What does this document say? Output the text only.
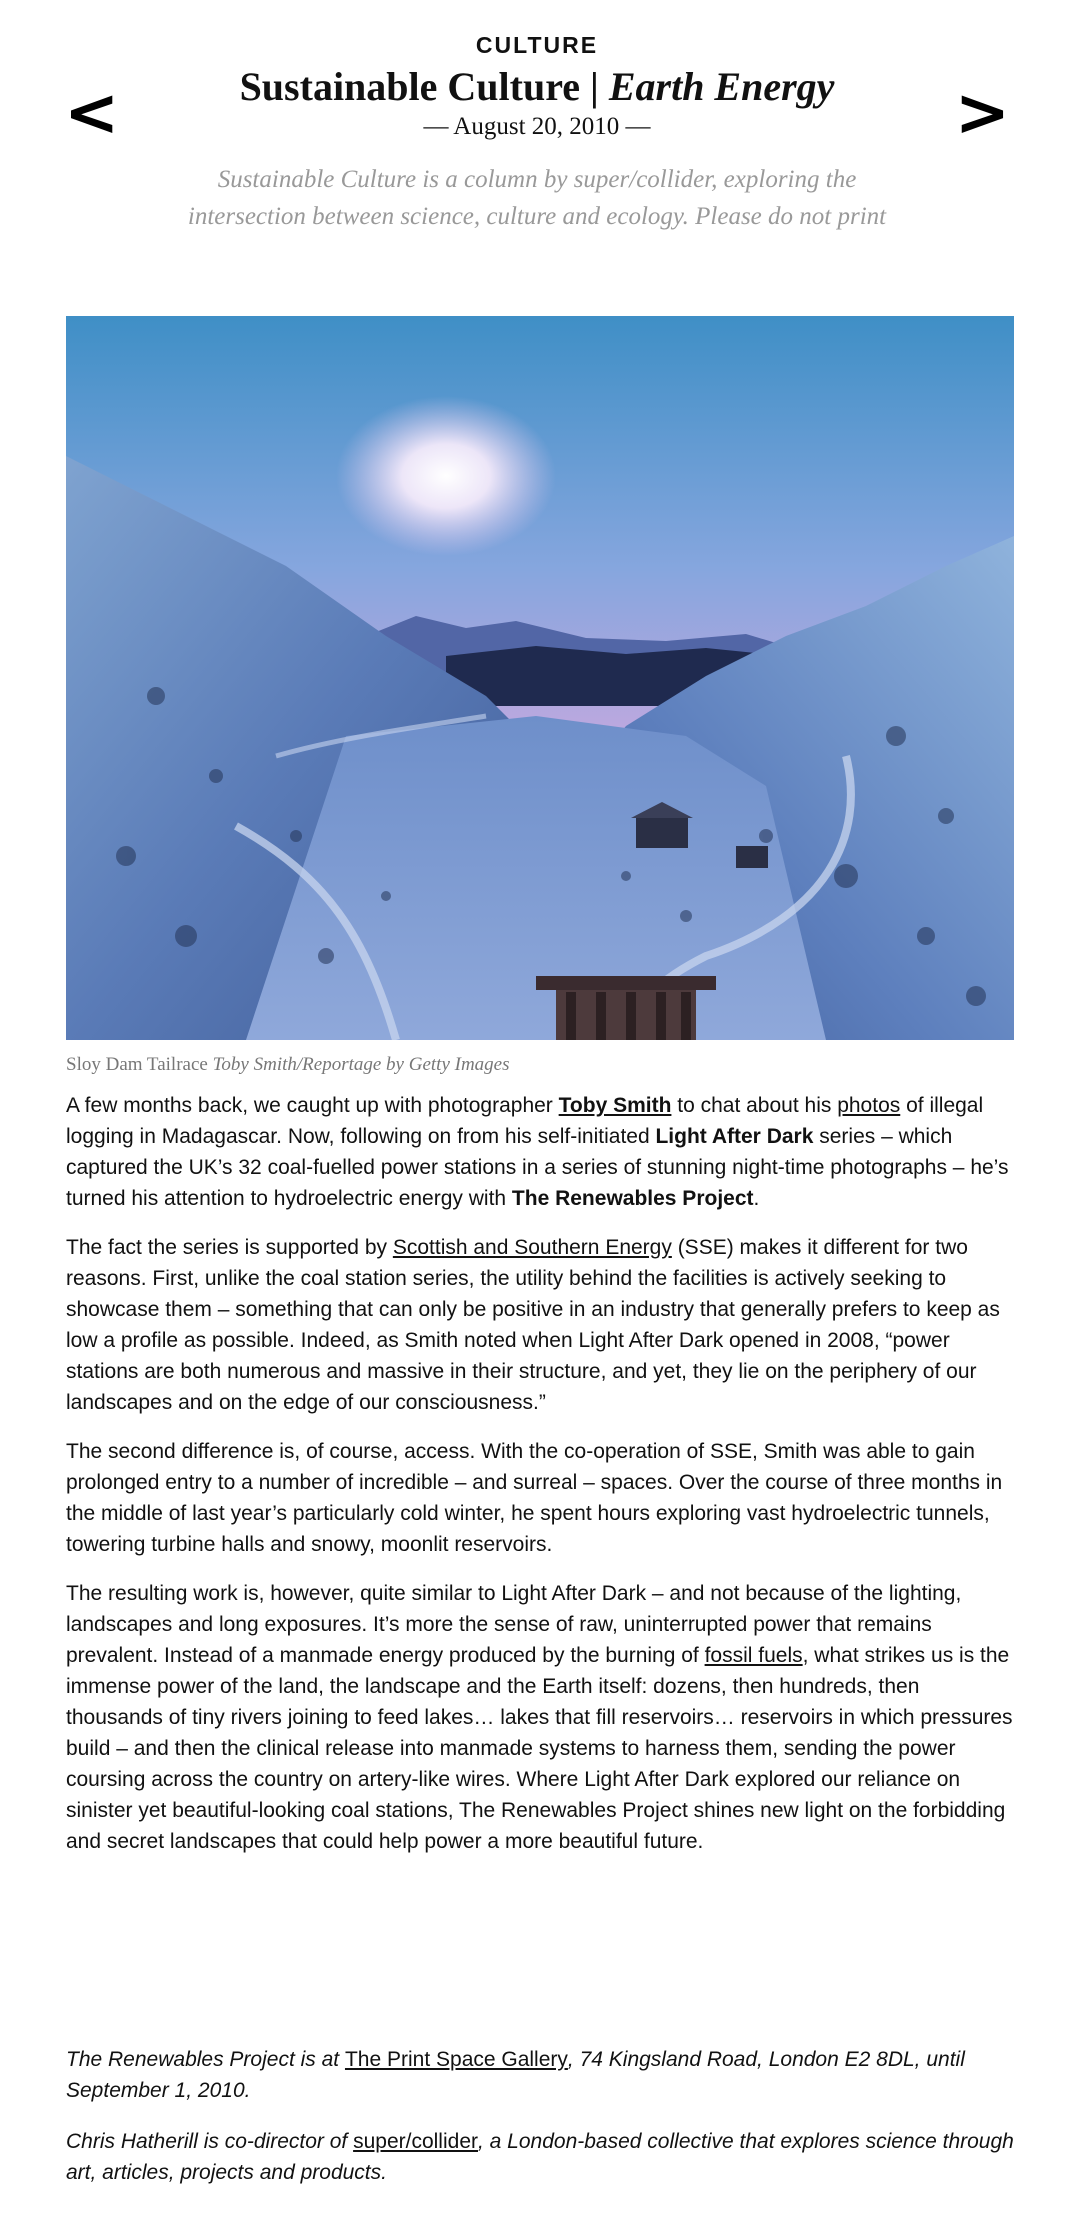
<	>
CULTURE
Sustainable Culture | Earth Energy
— August 20, 2010 —
Sustainable Culture is a column by super/collider, exploring the intersection between science, culture and ecology. Please do not print
Sloy Dam Tailrace Toby Smith/Reportage by Getty Images

A few months back, we caught up with photographer Toby Smith to chat about his photos of illegal logging in Madagascar. Now, following on from his self-initiated Light After Dark series – which captured the UK’s 32 coal-fuelled power stations in a series of stunning night-time photographs – he’s turned his attention to hydroelectric energy with The Renewables Project.

The fact the series is supported by Scottish and Southern Energy (SSE) makes it different for two reasons. First, unlike the coal station series, the utility behind the facilities is actively seeking to showcase them – something that can only be positive in an industry that generally prefers to keep as low a profile as possible. Indeed, as Smith noted when Light After Dark opened in 2008, “power stations are both numerous and massive in their structure, and yet, they lie on the periphery of our landscapes and on the edge of our consciousness.”

The second difference is, of course, access. With the co-operation of SSE, Smith was able to gain prolonged entry to a number of incredible – and surreal – spaces. Over the course of three months in the middle of last year’s particularly cold winter, he spent hours exploring vast hydroelectric tunnels, towering turbine halls and snowy, moonlit reservoirs.

The resulting work is, however, quite similar to Light After Dark – and not because of the lighting, landscapes and long exposures. It’s more the sense of raw, uninterrupted power that remains prevalent. Instead of a manmade energy produced by the burning of fossil fuels, what strikes us is the immense power of the land, the landscape and the Earth itself: dozens, then hundreds, then thousands of tiny rivers joining to feed lakes… lakes that fill reservoirs… reservoirs in which pressures build – and then the clinical release into manmade systems to harness them, sending the power coursing across the country on artery-like wires. Where Light After Dark explored our reliance on sinister yet beautiful-looking coal stations, The Renewables Project shines new light on the forbidding and secret landscapes that could help power a more beautiful future.

The Renewables Project is at The Print Space Gallery, 74 Kingsland Road, London E2 8DL, until September 1, 2010.

Chris Hatherill is co-director of super/collider, a London-based collective that explores science through art, articles, projects and products.
